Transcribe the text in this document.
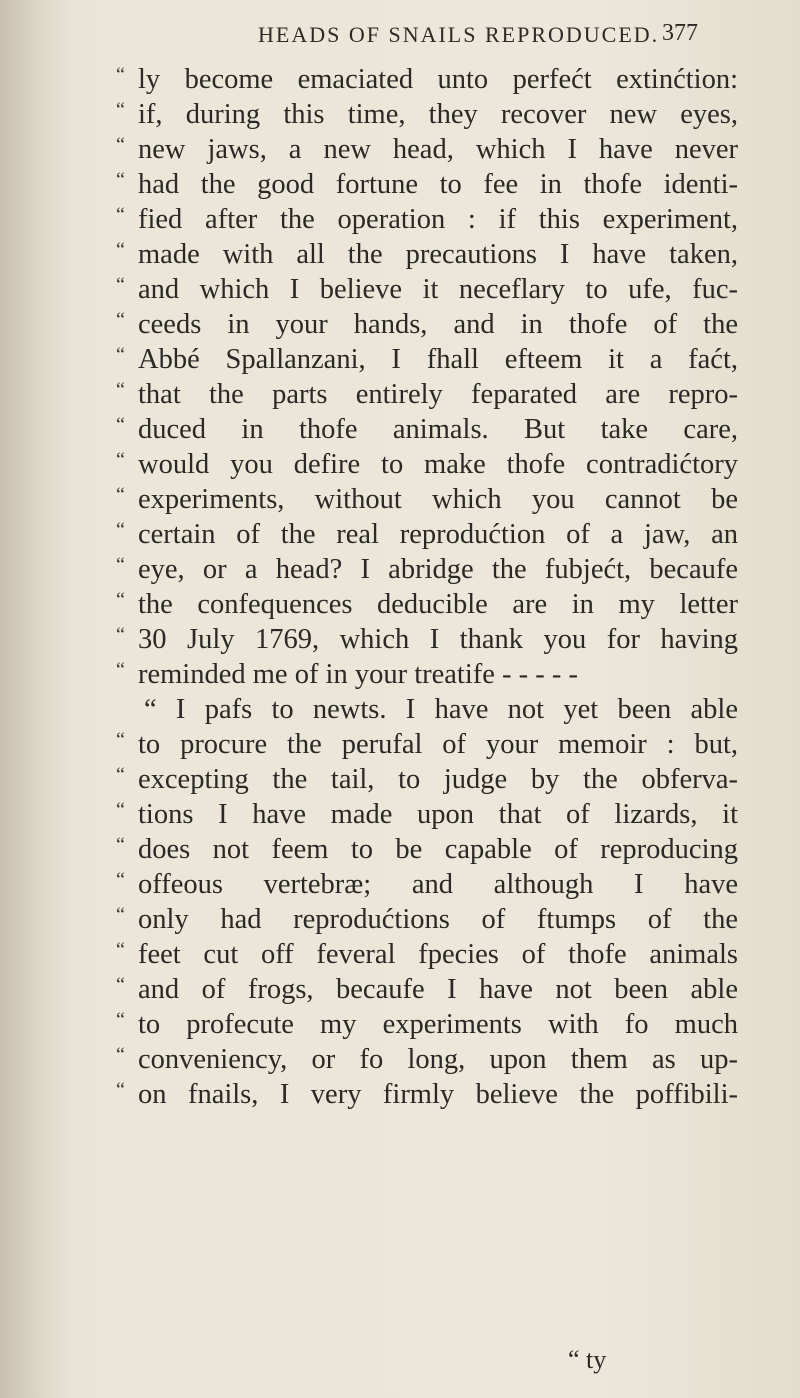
HEADS OF SNAILS REPRODUCED. 377
“ ly become emaciated unto perfećt extinćtion:
“ if, during this time, they recover new eyes,
“ new jaws, a new head, which I have never
“ had the good fortune to fee in thofe identi-
“ fied after the operation : if this experiment,
“ made with all the precautions I have taken,
“ and which I believe it neceflary to ufe, fuc-
“ ceeds in your hands, and in thofe of the
“ Abbé Spallanzani, I fhall efteem it a faćt,
“ that the parts entirely feparated are repro-
“ duced in thofe animals. But take care,
“ would you defire to make thofe contradićtory
“ experiments, without which you cannot be
“ certain of the real reprodućtion of a jaw, an
“ eye, or a head? I abridge the fubjećt, becaufe
“ the confequences deducible are in my letter
“ 30 July 1769, which I thank you for having
“ reminded me of in your treatife - - - - -
“ I pafs to newts. I have not yet been able
“ to procure the perufal of your memoir : but,
“ excepting the tail, to judge by the obferva-
“ tions I have made upon that of lizards, it
“ does not feem to be capable of reproducing
“ offeous vertebræ; and although I have
“ only had reprodućtions of ftumps of the
“ feet cut off feveral fpecies of thofe animals
“ and of frogs, becaufe I have not been able
“ to profecute my experiments with fo much
“ conveniency, or fo long, upon them as up-
“ on fnails, I very firmly believe the poffibili-
“ ty
